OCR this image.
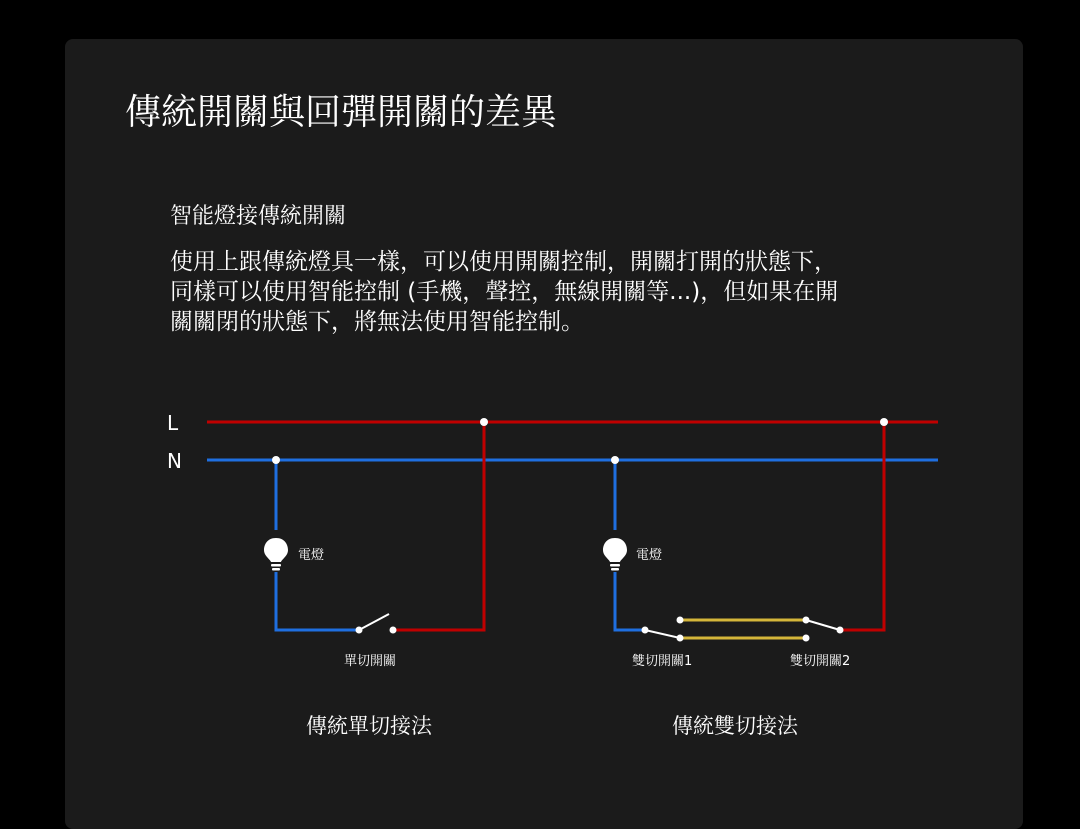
傳統開關與回彈開關的差異
智能燈接傳統開關
使用上跟傳統燈具一樣，可以使用開關控制，開關打開的狀態下，
同樣可以使用智能控制 (手機，聲控，無線開關等...)，但如果在開
關關閉的狀態下，將無法使用智能控制。
L
N
電燈
單切開關
傳統單切接法
電燈
雙切開關1	雙切開關2
傳統雙切接法
